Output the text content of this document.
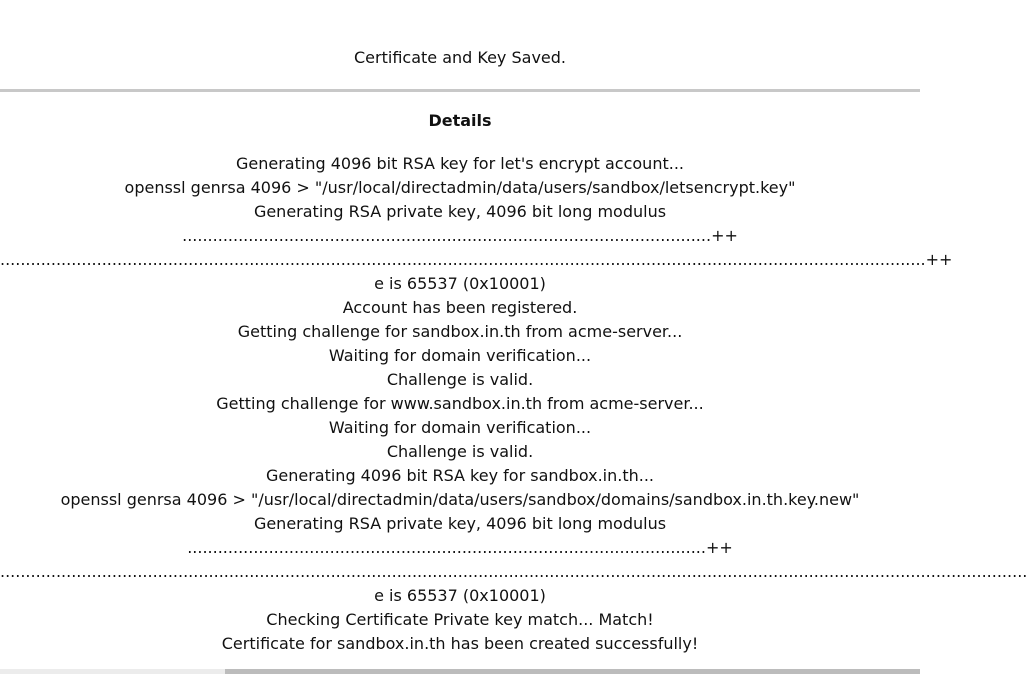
Certificate and Key Saved.
Details
Generating 4096 bit RSA key for let's encrypt account...
openssl genrsa 4096 > "/usr/local/directadmin/data/users/sandbox/letsencrypt.key"
Generating RSA private key, 4096 bit long modulus
........................................................................................................++
......................................................................................................................................................................................++
e is 65537 (0x10001)
Account has been registered.
Getting challenge for sandbox.in.th from acme-server...
Waiting for domain verification...
Challenge is valid.
Getting challenge for www.sandbox.in.th from acme-server...
Waiting for domain verification...
Challenge is valid.
Generating 4096 bit RSA key for sandbox.in.th...
openssl genrsa 4096 > "/usr/local/directadmin/data/users/sandbox/domains/sandbox.in.th.key.new"
Generating RSA private key, 4096 bit long modulus
......................................................................................................++
..........................................................................................................................................................................................................
e is 65537 (0x10001)
Checking Certificate Private key match... Match!
Certificate for sandbox.in.th has been created successfully!
